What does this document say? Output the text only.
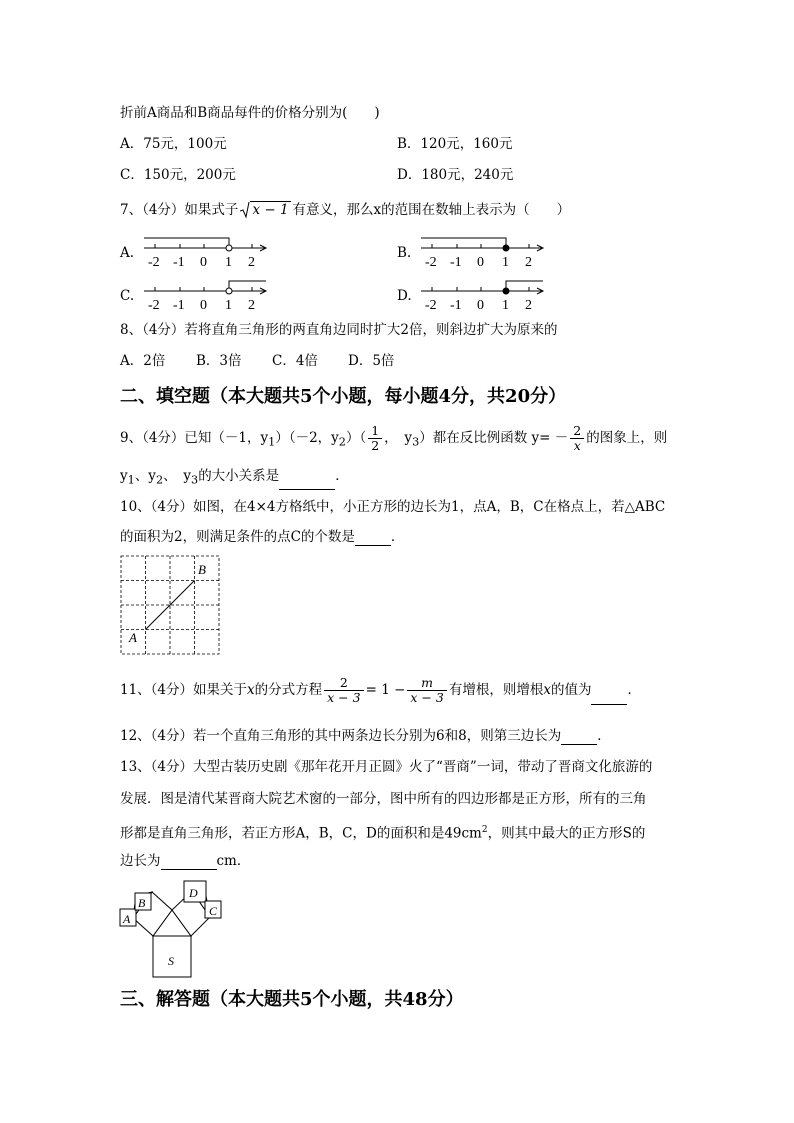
折前A商品和B商品每件的价格分别为(　　)
A．75元，100元	B．120元，160元
C．150元，200元	D．180元，240元
7、（4分）如果式子 x − 1 有意义，那么x的范围在数轴上表示为（　　）
A.	B.
C.	D.
-2 -1 0 1 2	-2 -1 0 1 2
-2 -1 0 1 2	-2 -1 0 1 2
8、（4分）若将直角三角形的两直角边同时扩大2倍，则斜边扩大为原来的
A．2倍 B．3倍 C．4倍 D．5倍
二、填空题（本大题共5个小题，每小题4分，共20分）
9、（4分）已知（－1，$y_1)(-2$，$y_2)( \frac{1}{2}$ ，　$y_3$）都在反比例函数 $y= - \frac{2}{x}$ 的图象上，则
$y_1$、$y_2$、　$y_3$的大小关系是	．
10、（4分）如图，在4×4方格纸中，小正方形的边长为1，点A，B，C在格点上，若△ABC
的面积为2，则满足条件的点C的个数是	．
A
B
11、（4分）如果关于x的分式方程 $\frac{2}{x - 3} = 1 - \frac{m}{x - 3}$ 有增根，则增根x的值为	．
12、（4分）若一个直角三角形的其中两条边长分别为6和8，则第三边长为	．
13、（4分）大型古装历史剧《那年花开月正圆》火了“晋商”一词，带动了晋商文化旅游的
发展．图是清代某晋商大院艺术窗的一部分，图中所有的四边形都是正方形，所有的三角
形都是直角三角形，若正方形A，B，C，D的面积和是$49cm^2$，则其中最大的正方形S的
边长为	cm．
A
B
D
C
S
三、解答题（本大题共5个小题，共48分）
